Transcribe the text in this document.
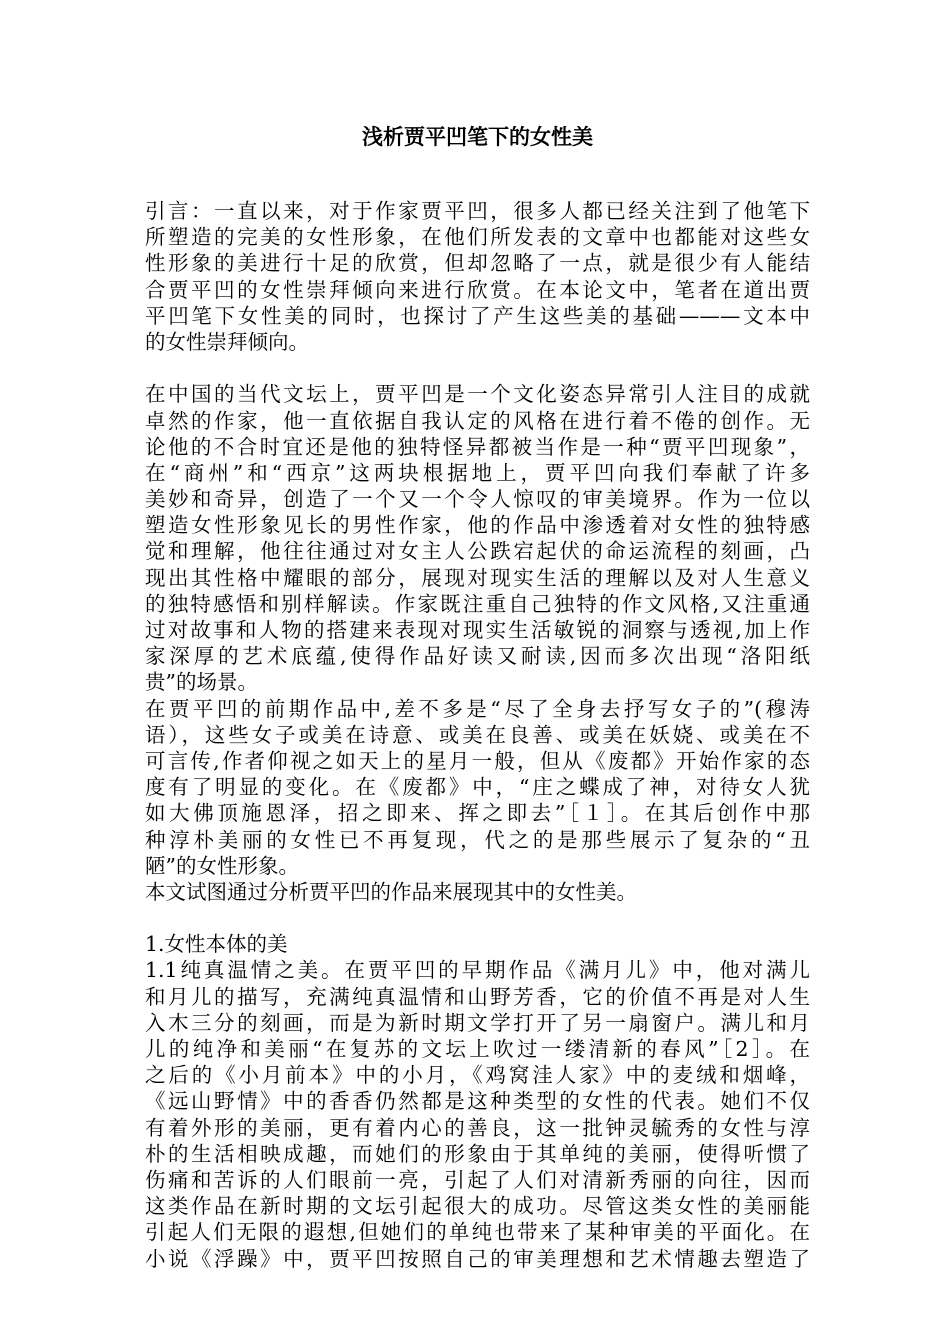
浅析贾平凹笔下的女性美
引言：一直以来，对于作家贾平凹，很多人都已经关注到了他笔下
所塑造的完美的女性形象，在他们所发表的文章中也都能对这些女
性形象的美进行十足的欣赏，但却忽略了一点，就是很少有人能结
合贾平凹的女性崇拜倾向来进行欣赏。在本论文中，笔者在道出贾
平凹笔下女性美的同时，也探讨了产生这些美的基础———文本中
的女性崇拜倾向。
在中国的当代文坛上，贾平凹是一个文化姿态异常引人注目的成就
卓然的作家，他一直依据自我认定的风格在进行着不倦的创作。无
论他的不合时宜还是他的独特怪异都被当作是一种“贾平凹现象”，
在“商州”和“西京”这两块根据地上，贾平凹向我们奉献了许多
美妙和奇异，创造了一个又一个令人惊叹的审美境界。作为一位以
塑造女性形象见长的男性作家，他的作品中渗透着对女性的独特感
觉和理解，他往往通过对女主人公跌宕起伏的命运流程的刻画，凸
现出其性格中耀眼的部分，展现对现实生活的理解以及对人生意义
的独特感悟和别样解读。作家既注重自己独特的作文风格,又注重通
过对故事和人物的搭建来表现对现实生活敏锐的洞察与透视,加上作
家深厚的艺术底蕴,使得作品好读又耐读,因而多次出现“洛阳纸
贵”的场景。
在贾平凹的前期作品中,差不多是“尽了全身去抒写女子的”(穆涛
语），这些女子或美在诗意、或美在良善、或美在妖娆、或美在不
可言传,作者仰视之如天上的星月一般，但从《废都》开始作家的态
度有了明显的变化。在《废都》中，“庄之蝶成了神，对待女人犹
如大佛顶施恩泽，招之即来、挥之即去”［１］。在其后创作中那
种淳朴美丽的女性已不再复现，代之的是那些展示了复杂的“丑
陋”的女性形象。
本文试图通过分析贾平凹的作品来展现其中的女性美。
1.女性本体的美
1.1纯真温情之美。在贾平凹的早期作品《满月儿》中，他对满儿
和月儿的描写，充满纯真温情和山野芳香，它的价值不再是对人生
入木三分的刻画，而是为新时期文学打开了另一扇窗户。满儿和月
儿的纯净和美丽“在复苏的文坛上吹过一缕清新的春风”［2］。在
之后的《小月前本》中的小月，《鸡窝洼人家》中的麦绒和烟峰，
《远山野情》中的香香仍然都是这种类型的女性的代表。她们不仅
有着外形的美丽，更有着内心的善良，这一批钟灵毓秀的女性与淳
朴的生活相映成趣，而她们的形象由于其单纯的美丽，使得听惯了
伤痛和苦诉的人们眼前一亮，引起了人们对清新秀丽的向往，因而
这类作品在新时期的文坛引起很大的成功。尽管这类女性的美丽能
引起人们无限的遐想,但她们的单纯也带来了某种审美的平面化。在
小说《浮躁》中，贾平凹按照自己的审美理想和艺术情趣去塑造了
